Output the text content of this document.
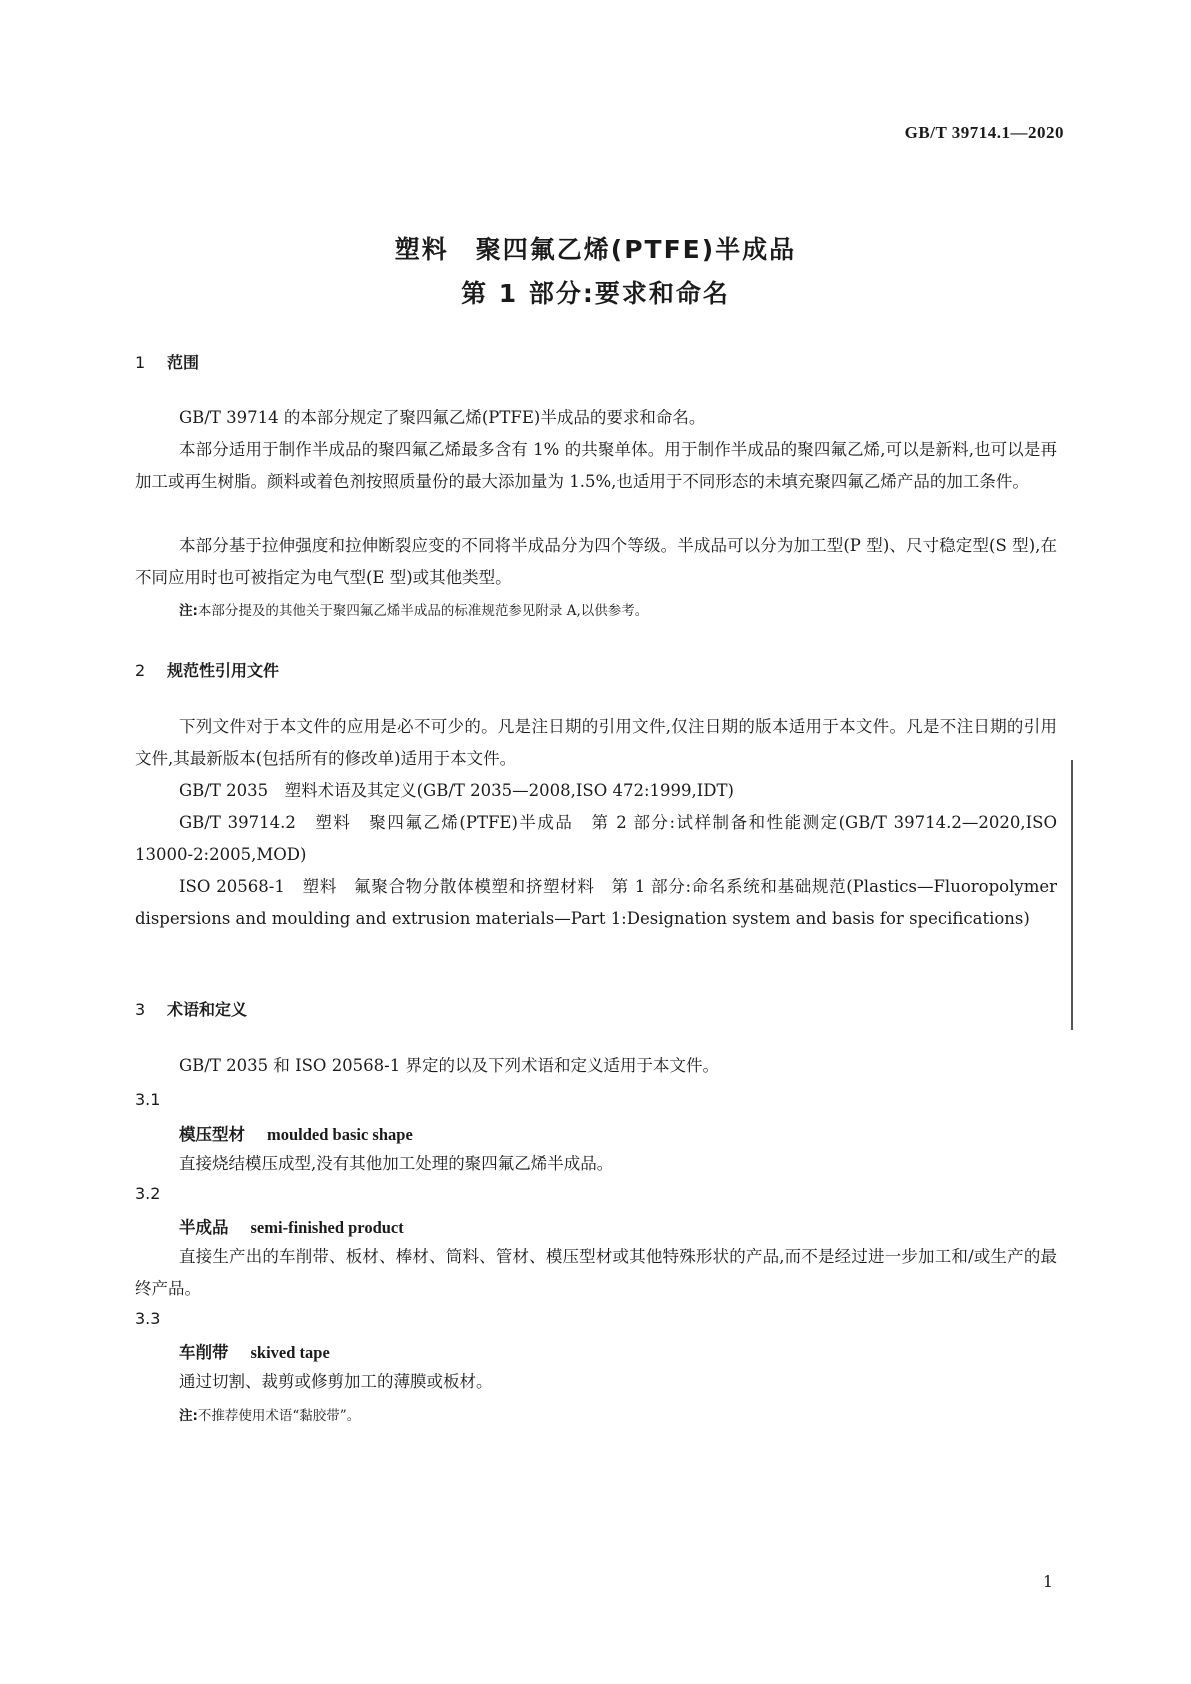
GB/T 39714.1—2020
塑料　聚四氟乙烯(PTFE)半成品
第 1 部分:要求和命名
1 范围

GB/T 39714 的本部分规定了聚四氟乙烯(PTFE)半成品的要求和命名。

本部分适用于制作半成品的聚四氟乙烯最多含有 1% 的共聚单体。用于制作半成品的聚四氟乙烯,可以是新料,也可以是再加工或再生树脂。颜料或着色剂按照质量份的最大添加量为 1.5%,也适用于不同形态的未填充聚四氟乙烯产品的加工条件。

本部分基于拉伸强度和拉伸断裂应变的不同将半成品分为四个等级。半成品可以分为加工型(P 型)、尺寸稳定型(S 型),在不同应用时也可被指定为电气型(E 型)或其他类型。

注:本部分提及的其他关于聚四氟乙烯半成品的标准规范参见附录 A,以供参考。
2 规范性引用文件

下列文件对于本文件的应用是必不可少的。凡是注日期的引用文件,仅注日期的版本适用于本文件。凡是不注日期的引用文件,其最新版本(包括所有的修改单)适用于本文件。

GB/T 2035　塑料术语及其定义(GB/T 2035—2008,ISO 472:1999,IDT)

GB/T 39714.2　塑料　聚四氟乙烯(PTFE)半成品　第 2 部分:试样制备和性能测定(GB/T 39714.2—2020,ISO 13000-2:2005,MOD)

ISO 20568-1　塑料　氟聚合物分散体模塑和挤塑材料　第 1 部分:命名系统和基础规范(Plastics—Fluoropolymer dispersions and moulding and extrusion materials—Part 1:Designation system and basis for specifications)

3 术语和定义

GB/T 2035 和 ISO 20568-1 界定的以及下列术语和定义适用于本文件。

3.1
模压型材 moulded basic shape

直接烧结模压成型,没有其他加工处理的聚四氟乙烯半成品。

3.2
半成品 semi-finished product

直接生产出的车削带、板材、棒材、筒料、管材、模压型材或其他特殊形状的产品,而不是经过进一步加工和/或生产的最终产品。

3.3
车削带 skived tape

通过切割、裁剪或修剪加工的薄膜或板材。

注:不推荐使用术语“黏胶带”。
1
